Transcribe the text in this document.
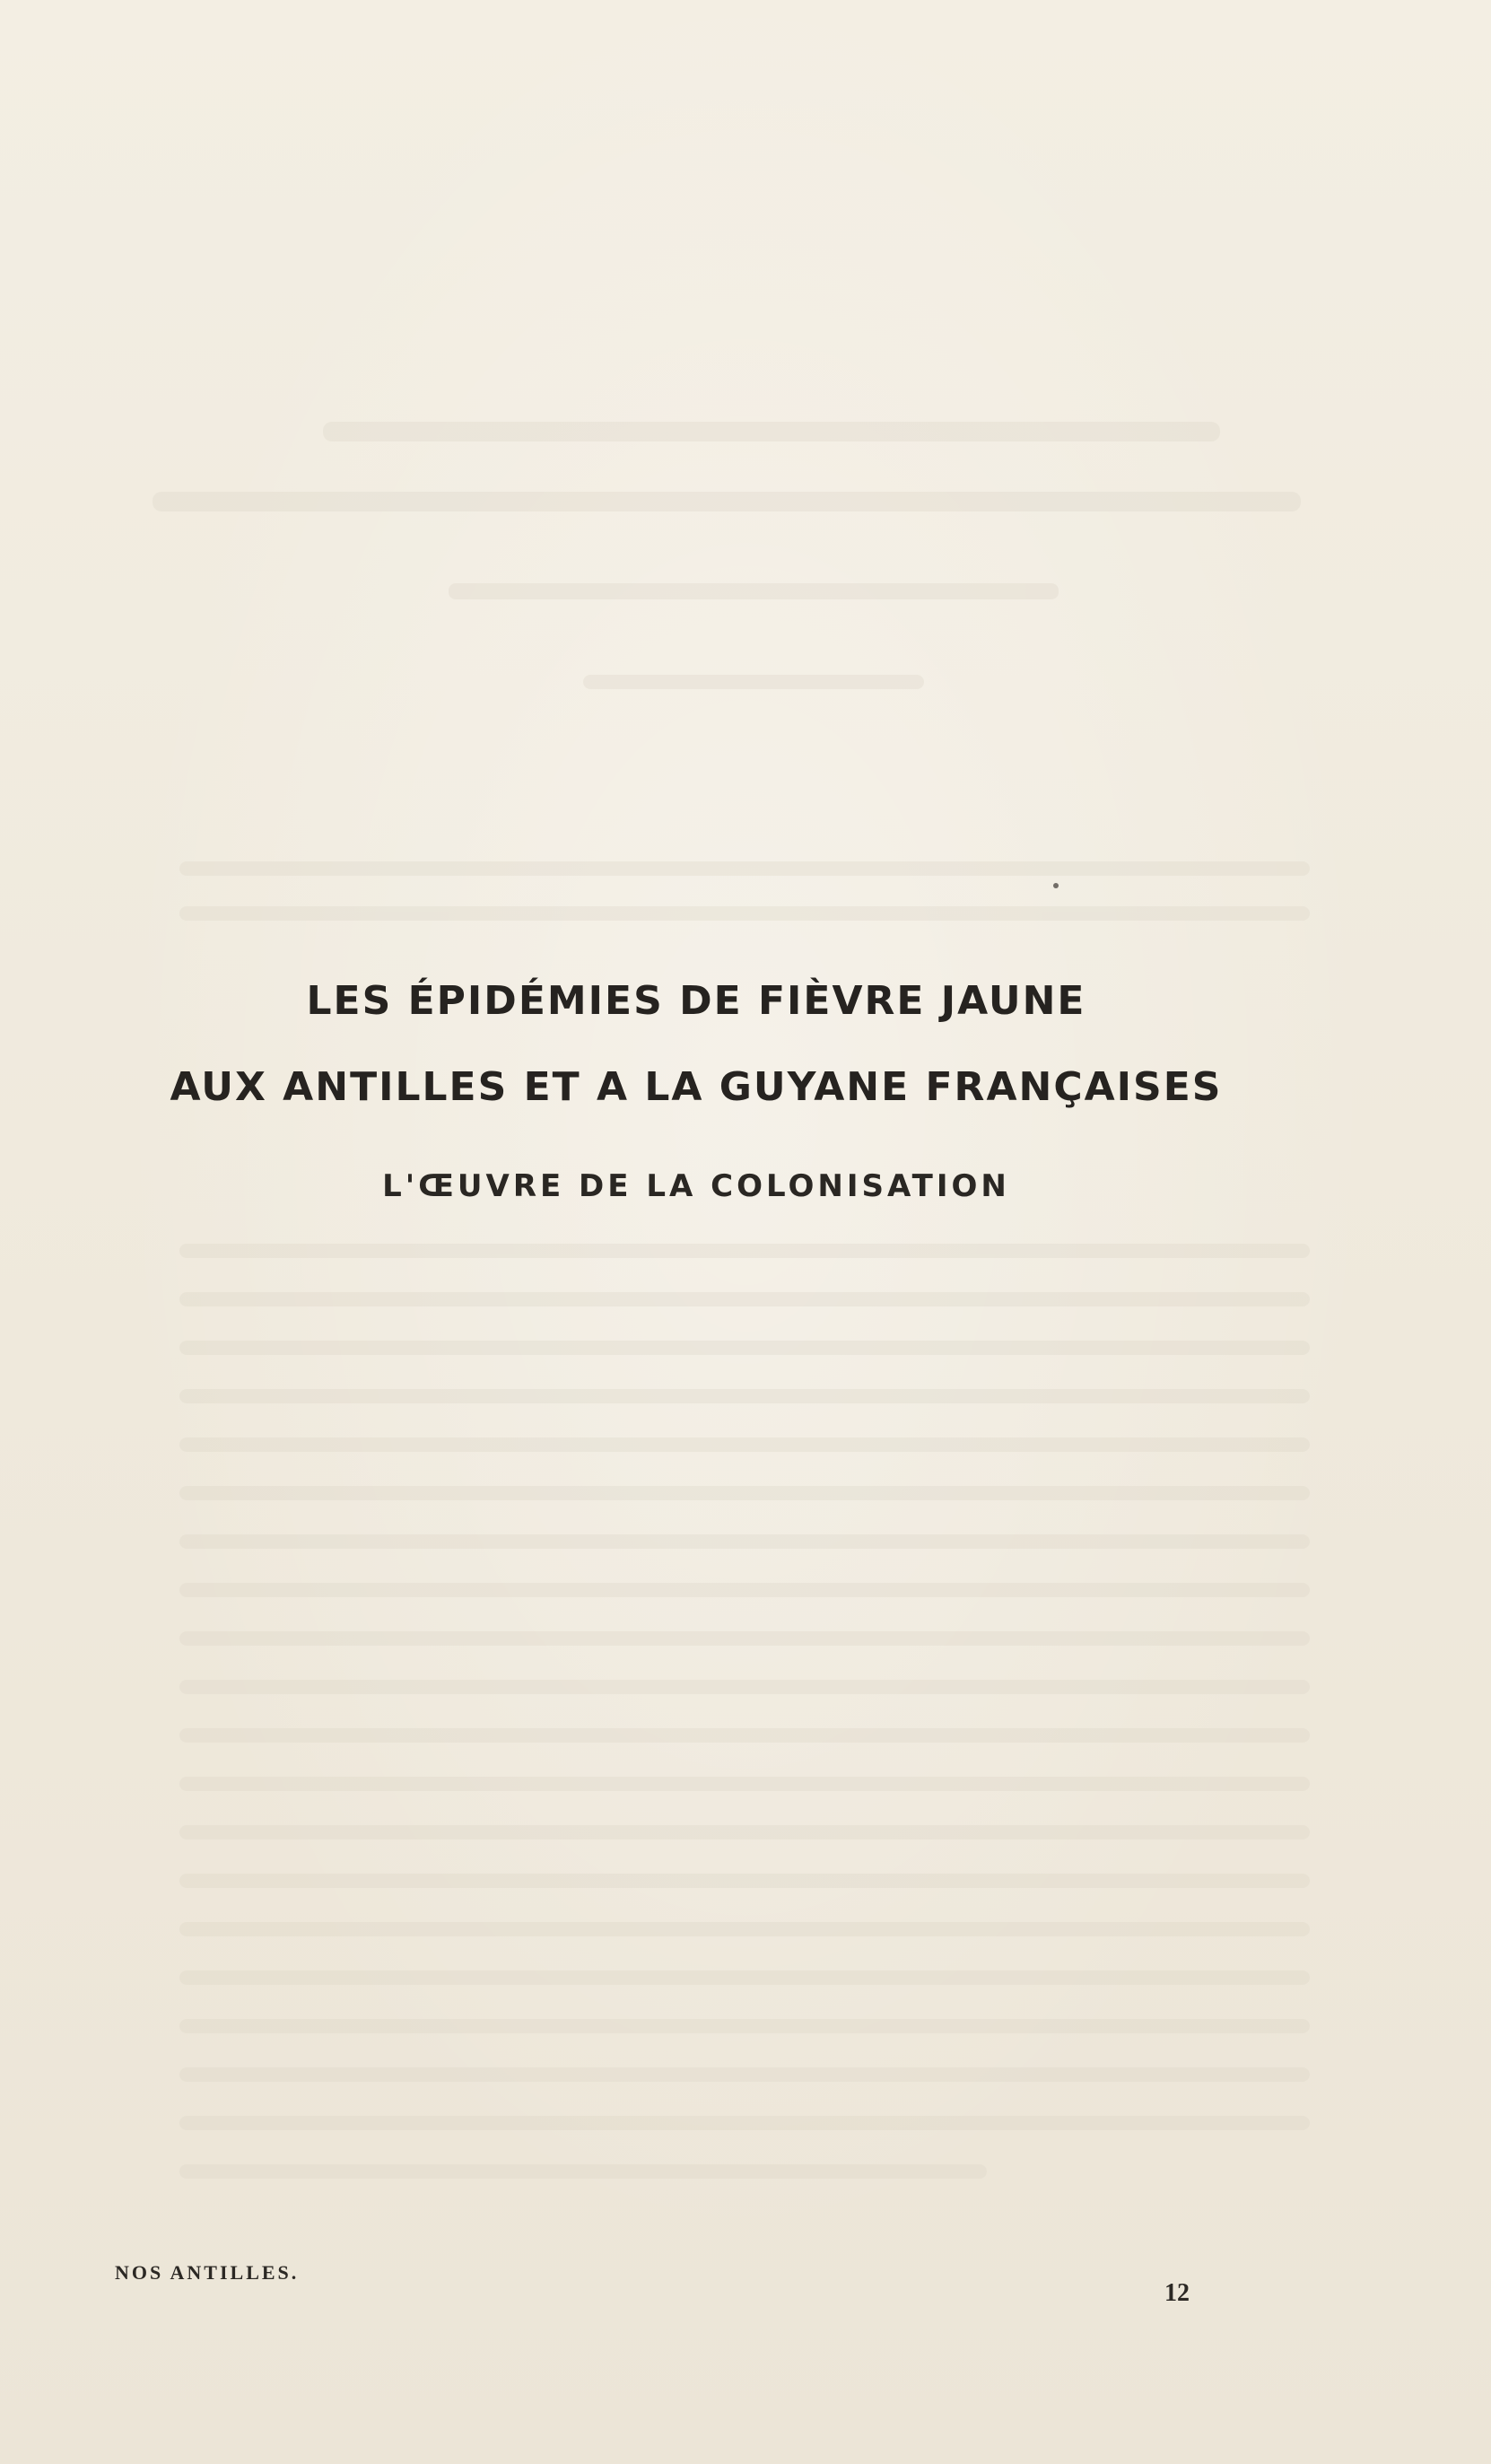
LES ÉPIDÉMIES DE FIÈVRE JAUNE
AUX ANTILLES ET A LA GUYANE FRANÇAISES
L'ŒUVRE DE LA COLONISATION
NOS ANTILLES.
12
